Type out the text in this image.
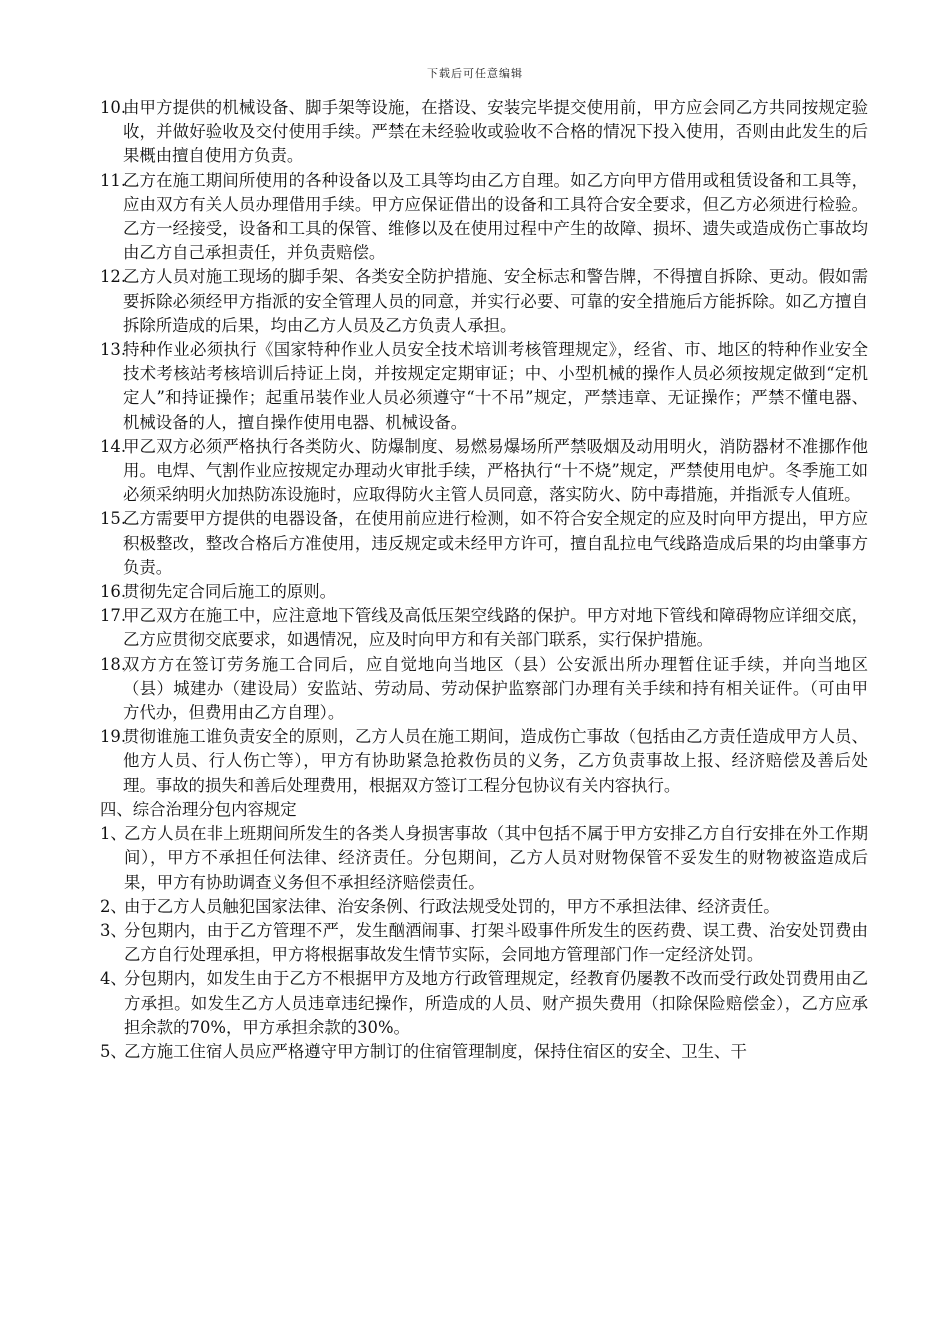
下载后可任意编辑
10.
由甲方提供的机械设备、脚手架等设施，在搭设、安装完毕提交使用前，甲方应会同乙方共同按规定验收，并做好验收及交付使用手续。严禁在未经验收或验收不合格的情况下投入使用，否则由此发生的后果概由擅自使用方负责。
11.
乙方在施工期间所使用的各种设备以及工具等均由乙方自理。如乙方向甲方借用或租赁设备和工具等，应由双方有关人员办理借用手续。甲方应保证借出的设备和工具符合安全要求，但乙方必须进行检验。乙方一经接受，设备和工具的保管、维修以及在使用过程中产生的故障、损坏、遗失或造成伤亡事故均由乙方自己承担责任，并负责赔偿。
12.
乙方人员对施工现场的脚手架、各类安全防护措施、安全标志和警告牌，不得擅自拆除、更动。假如需要拆除必须经甲方指派的安全管理人员的同意，并实行必要、可靠的安全措施后方能拆除。如乙方擅自拆除所造成的后果，均由乙方人员及乙方负责人承担。
13.
特种作业必须执行《国家特种作业人员安全技术培训考核管理规定》，经省、市、地区的特种作业安全技术考核站考核培训后持证上岗，并按规定定期审证；中、小型机械的操作人员必须按规定做到“定机定人”和持证操作；起重吊装作业人员必须遵守“十不吊”规定，严禁违章、无证操作；严禁不懂电器、机械设备的人，擅自操作使用电器、机械设备。
14.
甲乙双方必须严格执行各类防火、防爆制度、易燃易爆场所严禁吸烟及动用明火，消防器材不准挪作他用。电焊、气割作业应按规定办理动火审批手续，严格执行“十不烧”规定，严禁使用电炉。冬季施工如必须采纳明火加热防冻设施时，应取得防火主管人员同意，落实防火、防中毒措施，并指派专人值班。
15.
乙方需要甲方提供的电器设备，在使用前应进行检测，如不符合安全规定的应及时向甲方提出，甲方应积极整改，整改合格后方准使用，违反规定或未经甲方许可，擅自乱拉电气线路造成后果的均由肇事方负责。
16.
贯彻先定合同后施工的原则。
17.
甲乙双方在施工中，应注意地下管线及高低压架空线路的保护。甲方对地下管线和障碍物应详细交底，乙方应贯彻交底要求，如遇情况，应及时向甲方和有关部门联系，实行保护措施。
18.
双方方在签订劳务施工合同后，应自觉地向当地区（县）公安派出所办理暂住证手续，并向当地区（县）城建办（建设局）安监站、劳动局、劳动保护监察部门办理有关手续和持有相关证件。（可由甲方代办，但费用由乙方自理）。
19.
贯彻谁施工谁负责安全的原则，乙方人员在施工期间，造成伤亡事故（包括由乙方责任造成甲方人员、他方人员、行人伤亡等），甲方有协助紧急抢救伤员的义务，乙方负责事故上报、经济赔偿及善后处理。事故的损失和善后处理费用，根据双方签订工程分包协议有关内容执行。
四、综合治理分包内容规定
1、
乙方人员在非上班期间所发生的各类人身损害事故（其中包括不属于甲方安排乙方自行安排在外工作期间），甲方不承担任何法律、经济责任。分包期间，乙方人员对财物保管不妥发生的财物被盗造成后果，甲方有协助调查义务但不承担经济赔偿责任。
2、
由于乙方人员触犯国家法律、治安条例、行政法规受处罚的，甲方不承担法律、经济责任。
3、
分包期内，由于乙方管理不严，发生酗酒闹事、打架斗殴事件所发生的医药费、误工费、治安处罚费由乙方自行处理承担，甲方将根据事故发生情节实际，会同地方管理部门作一定经济处罚。
4、
分包期内，如发生由于乙方不根据甲方及地方行政管理规定，经教育仍屡教不改而受行政处罚费用由乙方承担。如发生乙方人员违章违纪操作，所造成的人员、财产损失费用（扣除保险赔偿金），乙方应承担余款的70%，甲方承担余款的30%。
5、
乙方施工住宿人员应严格遵守甲方制订的住宿管理制度，保持住宿区的安全、卫生、干
